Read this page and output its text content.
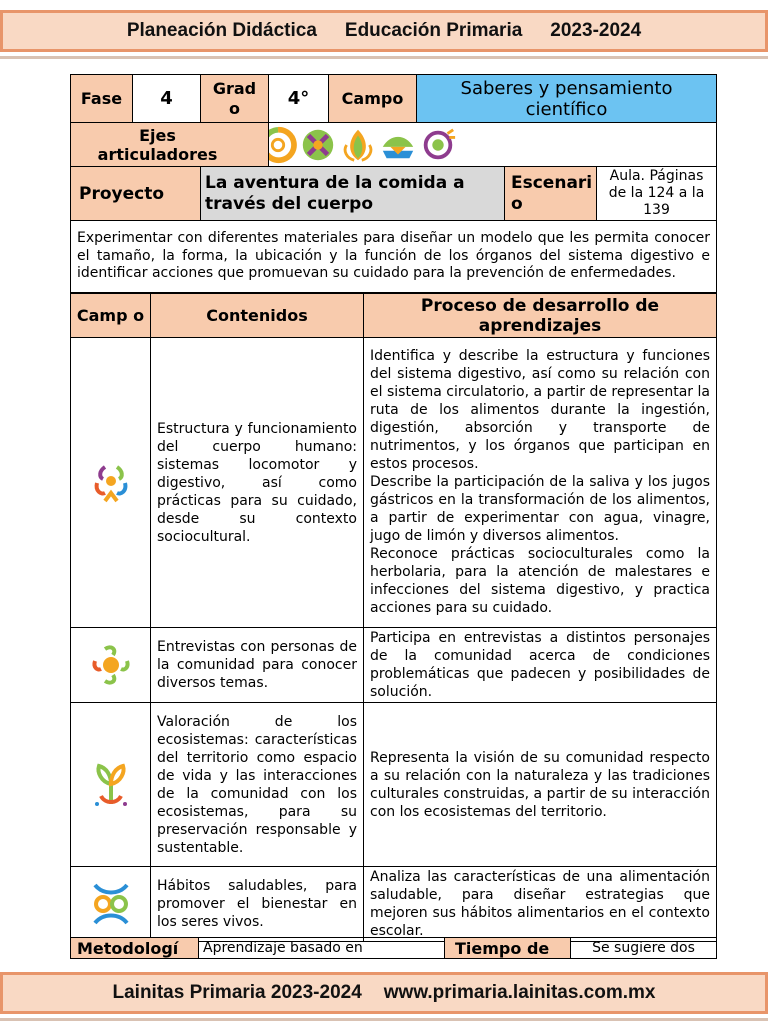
Planeación Didáctica Educación Primaria 2023-2024
Fase	4	Grad o	4°	Campo	Saberes y pensamiento científico		
Ejes articuladores	

Proyecto		La aventura de la comida a través del cuerpo				Escenari o	Aula. Páginas de la 124 a la 139
Experimentar con diferentes materiales para diseñar un modelo que les permita conocer el tamaño, la forma, la ubicación y la función de los órganos del sistema digestivo e identificar acciones que promuevan su cuidado para la prevención de enfermedades.							
Camp o	Contenidos	Proceso de desarrollo de aprendizajes

	Estructura y funcionamiento del cuerpo humano: sistemas locomotor y digestivo, así como prácticas para su cuidado, desde su contexto sociocultural.	Identifica y describe la estructura y funciones del sistema digestivo, así como su relación con el sistema circulatorio, a partir de representar la ruta de los alimentos durante la ingestión, digestión, absorción y transporte de nutrimentos, y los órganos que participan en estos procesos.
Describe la participación de la saliva y los jugos gástricos en la transformación de los alimentos, a partir de experimentar con agua, vinagre, jugo de limón y diversos alimentos.
Reconoce prácticas socioculturales como la herbolaria, para la atención de malestares e infecciones del sistema digestivo, y practica acciones para su cuidado.

	Entrevistas con personas de la comunidad para conocer diversos temas.	Participa en entrevistas a distintos personajes de la comunidad acerca de condiciones problemáticas que padecen y posibilidades de solución.

	Valoración de los ecosistemas: características del territorio como espacio de vida y las interacciones de la comunidad con los ecosistemas, para su preservación responsable y sustentable.	Representa la visión de su comunidad respecto a su relación con la naturaleza y las tradiciones culturales construidas, a partir de su interacción con los ecosistemas del territorio.

	Hábitos saludables, para promover el bienestar en los seres vivos.	Analiza las características de una alimentación saludable, para diseñar estrategias que mejoren sus hábitos alimentarios en el contexto escolar.
Metodologí	Aprendizaje basado en	Tiempo de	Se sugiere dos
Lainitas Primaria 2023-2024 www.primaria.lainitas.com.mx
